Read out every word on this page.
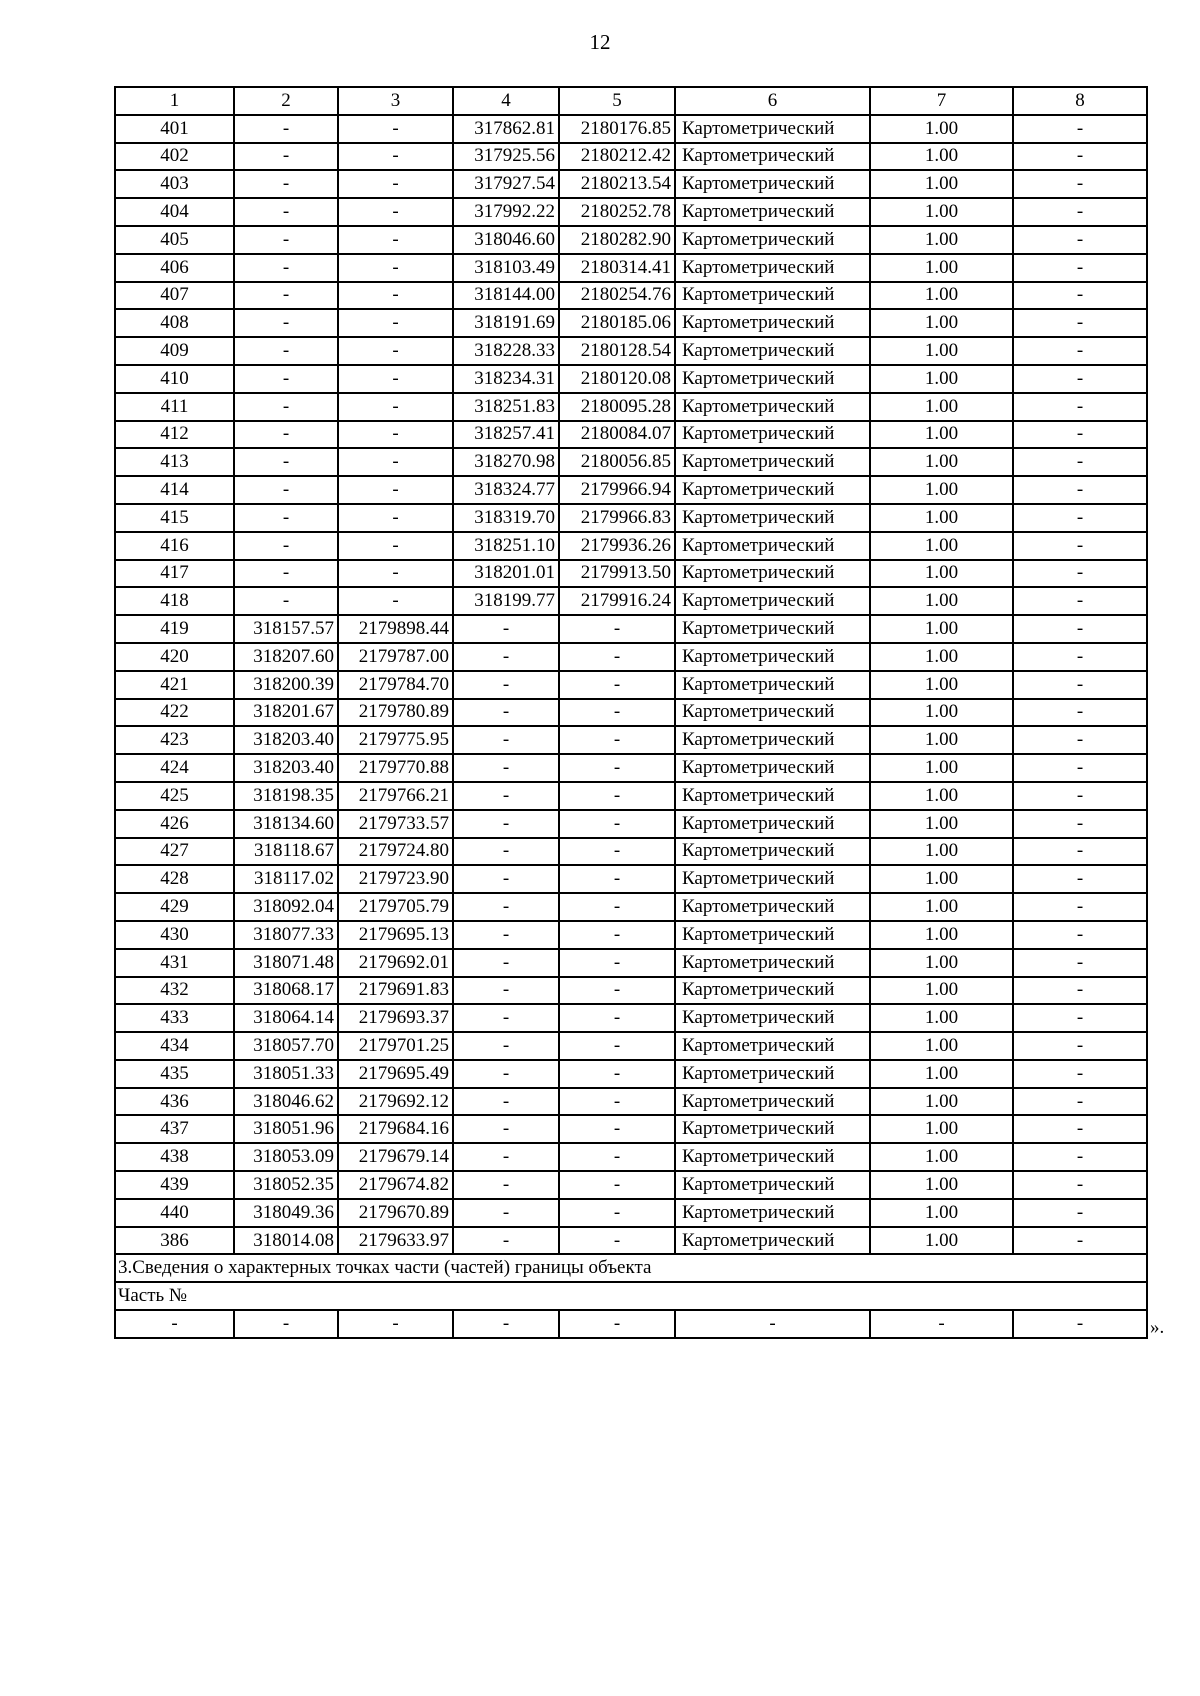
12
1	2	3	4	5	6	7	8
401	-	-	317862.81	2180176.85	Картометрический	1.00	-
402	-	-	317925.56	2180212.42	Картометрический	1.00	-
403	-	-	317927.54	2180213.54	Картометрический	1.00	-
404	-	-	317992.22	2180252.78	Картометрический	1.00	-
405	-	-	318046.60	2180282.90	Картометрический	1.00	-
406	-	-	318103.49	2180314.41	Картометрический	1.00	-
407	-	-	318144.00	2180254.76	Картометрический	1.00	-
408	-	-	318191.69	2180185.06	Картометрический	1.00	-
409	-	-	318228.33	2180128.54	Картометрический	1.00	-
410	-	-	318234.31	2180120.08	Картометрический	1.00	-
411	-	-	318251.83	2180095.28	Картометрический	1.00	-
412	-	-	318257.41	2180084.07	Картометрический	1.00	-
413	-	-	318270.98	2180056.85	Картометрический	1.00	-
414	-	-	318324.77	2179966.94	Картометрический	1.00	-
415	-	-	318319.70	2179966.83	Картометрический	1.00	-
416	-	-	318251.10	2179936.26	Картометрический	1.00	-
417	-	-	318201.01	2179913.50	Картометрический	1.00	-
418	-	-	318199.77	2179916.24	Картометрический	1.00	-
419	318157.57	2179898.44	-	-	Картометрический	1.00	-
420	318207.60	2179787.00	-	-	Картометрический	1.00	-
421	318200.39	2179784.70	-	-	Картометрический	1.00	-
422	318201.67	2179780.89	-	-	Картометрический	1.00	-
423	318203.40	2179775.95	-	-	Картометрический	1.00	-
424	318203.40	2179770.88	-	-	Картометрический	1.00	-
425	318198.35	2179766.21	-	-	Картометрический	1.00	-
426	318134.60	2179733.57	-	-	Картометрический	1.00	-
427	318118.67	2179724.80	-	-	Картометрический	1.00	-
428	318117.02	2179723.90	-	-	Картометрический	1.00	-
429	318092.04	2179705.79	-	-	Картометрический	1.00	-
430	318077.33	2179695.13	-	-	Картометрический	1.00	-
431	318071.48	2179692.01	-	-	Картометрический	1.00	-
432	318068.17	2179691.83	-	-	Картометрический	1.00	-
433	318064.14	2179693.37	-	-	Картометрический	1.00	-
434	318057.70	2179701.25	-	-	Картометрический	1.00	-
435	318051.33	2179695.49	-	-	Картометрический	1.00	-
436	318046.62	2179692.12	-	-	Картометрический	1.00	-
437	318051.96	2179684.16	-	-	Картометрический	1.00	-
438	318053.09	2179679.14	-	-	Картометрический	1.00	-
439	318052.35	2179674.82	-	-	Картометрический	1.00	-
440	318049.36	2179670.89	-	-	Картометрический	1.00	-
386	318014.08	2179633.97	-	-	Картометрический	1.00	-
3.Сведения о характерных точках части (частей) границы объекта							
Часть №							
-	-	-	-	-	-	-	-	».
